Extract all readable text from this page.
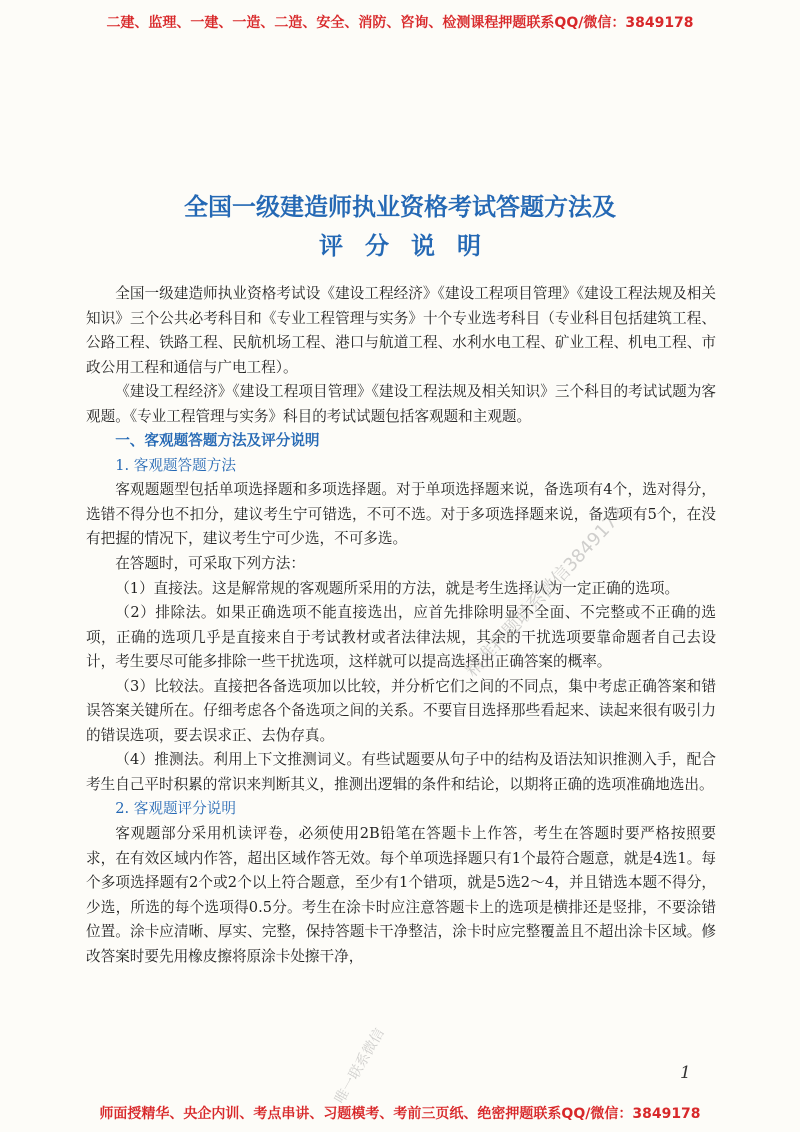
二建、监理、一建、一造、二造、安全、消防、咨询、检测课程押题联系QQ/微信：3849178
全国一级建造师执业资格考试答题方法及
评分说明

全国一级建造师执业资格考试设《建设工程经济》《建设工程项目管理》《建设工程法规及相关知识》三个公共必考科目和《专业工程管理与实务》十个专业选考科目（专业科目包括建筑工程、公路工程、铁路工程、民航机场工程、港口与航道工程、水利水电工程、矿业工程、机电工程、市政公用工程和通信与广电工程）。

《建设工程经济》《建设工程项目管理》《建设工程法规及相关知识》三个科目的考试试题为客观题。《专业工程管理与实务》科目的考试试题包括客观题和主观题。

一、客观题答题方法及评分说明

1. 客观题答题方法

客观题题型包括单项选择题和多项选择题。对于单项选择题来说，备选项有4个，选对得分，选错不得分也不扣分，建议考生宁可错选，不可不选。对于多项选择题来说，备选项有5个，在没有把握的情况下，建议考生宁可少选，不可多选。

在答题时，可采取下列方法：

（1）直接法。这是解常规的客观题所采用的方法，就是考生选择认为一定正确的选项。

（2）排除法。如果正确选项不能直接选出，应首先排除明显不全面、不完整或不正确的选项，正确的选项几乎是直接来自于考试教材或者法律法规，其余的干扰选项要靠命题者自己去设计，考生要尽可能多排除一些干扰选项，这样就可以提高选择出正确答案的概率。

（3）比较法。直接把各备选项加以比较，并分析它们之间的不同点，集中考虑正确答案和错误答案关键所在。仔细考虑各个备选项之间的关系。不要盲目选择那些看起来、读起来很有吸引力的错误选项，要去误求正、去伪存真。

（4）推测法。利用上下文推测词义。有些试题要从句子中的结构及语法知识推测入手，配合考生自己平时积累的常识来判断其义，推测出逻辑的条件和结论，以期将正确的选项准确地选出。

2. 客观题评分说明

客观题部分采用机读评卷，必须使用2B铅笔在答题卡上作答，考生在答题时要严格按照要求，在有效区域内作答，超出区域作答无效。每个单项选择题只有1个最符合题意，就是4选1。每个多项选择题有2个或2个以上符合题意，至少有1个错项，就是5选2～4，并且错选本题不得分，少选，所选的每个选项得0.5分。考生在涂卡时应注意答题卡上的选项是横排还是竖排，不要涂错位置。涂卡应清晰、厚实、完整，保持答题卡干净整洁，涂卡时应完整覆盖且不超出涂卡区域。修改答案时要先用橡皮擦将原涂卡处擦干净，

精准押题联系微信3849178
唯一联系微信	1
师面授精华、央企内训、考点串讲、习题模考、考前三页纸、绝密押题联系QQ/微信：3849178
